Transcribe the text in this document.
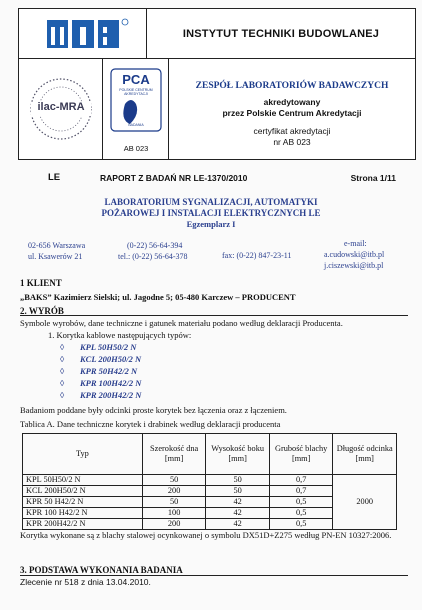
INSTYTUT TECHNIKI BUDOWLANEJ
ilac-MRA
PCA
POLSKIE CENTRUM AKREDYTACJI
BADANIA
AB 023
ZESPÓŁ LABORATORIÓW BADAWCZYCH
akredytowany
przez Polskie Centrum Akredytacji
certyfikat akredytacji
nr AB 023
LE	RAPORT Z BADAŃ NR LE-1370/2010	Strona 1/11
LABORATORIUM SYGNALIZACJI, AUTOMATYKI
POŻAROWEJ I INSTALACJI ELEKTRYCZNYCH LE
Egzemplarz I
02-656 Warszawa
ul. Ksawerów 21
(0-22) 56-64-394
tel.: (0-22) 56-64-378	fax: (0-22) 847-23-11
e-mail:
a.cudowski@itb.pl
j.ciszewski@itb.pl
1 KLIENT
„BAKS” Kazimierz Sielski; ul. Jagodne 5; 05-480 Karczew – PRODUCENT
2. WYRÓB
Symbole wyrobów, dane techniczne i gatunek materiału podano według deklaracji Producenta.
1. Korytka kablowe następujących typów:
◊	KPL 50H50/2 N
◊	KCL 200H50/2 N
◊	KPR 50H42/2 N
◊	KPR 100H42/2 N
◊	KPR 200H42/2 N
Badaniom poddane były odcinki proste korytek bez łączenia oraz z łączeniem.
Tablica A. Dane techniczne korytek i drabinek według deklaracji producenta
Typ	Szerokość dna [mm]	Wysokość boku [mm]	Grubość blachy [mm]	Długość odcinka [mm]
KPL 50H50/2 N	50	50	0,7	2000
KCL 200H50/2 N	200	50	0,7	
KPR 50 H42/2 N	50	42	0,5	
KPR 100 H42/2 N	100	42	0,5	
KPR 200H42/2 N	200	42	0,5	
Korytka wykonane są z blachy stalowej ocynkowanej o symbolu DX51D+Z275 według PN-EN 10327:2006.
3. PODSTAWA WYKONANIA BADANIA
Zlecenie nr 518 z dnia 13.04.2010.
